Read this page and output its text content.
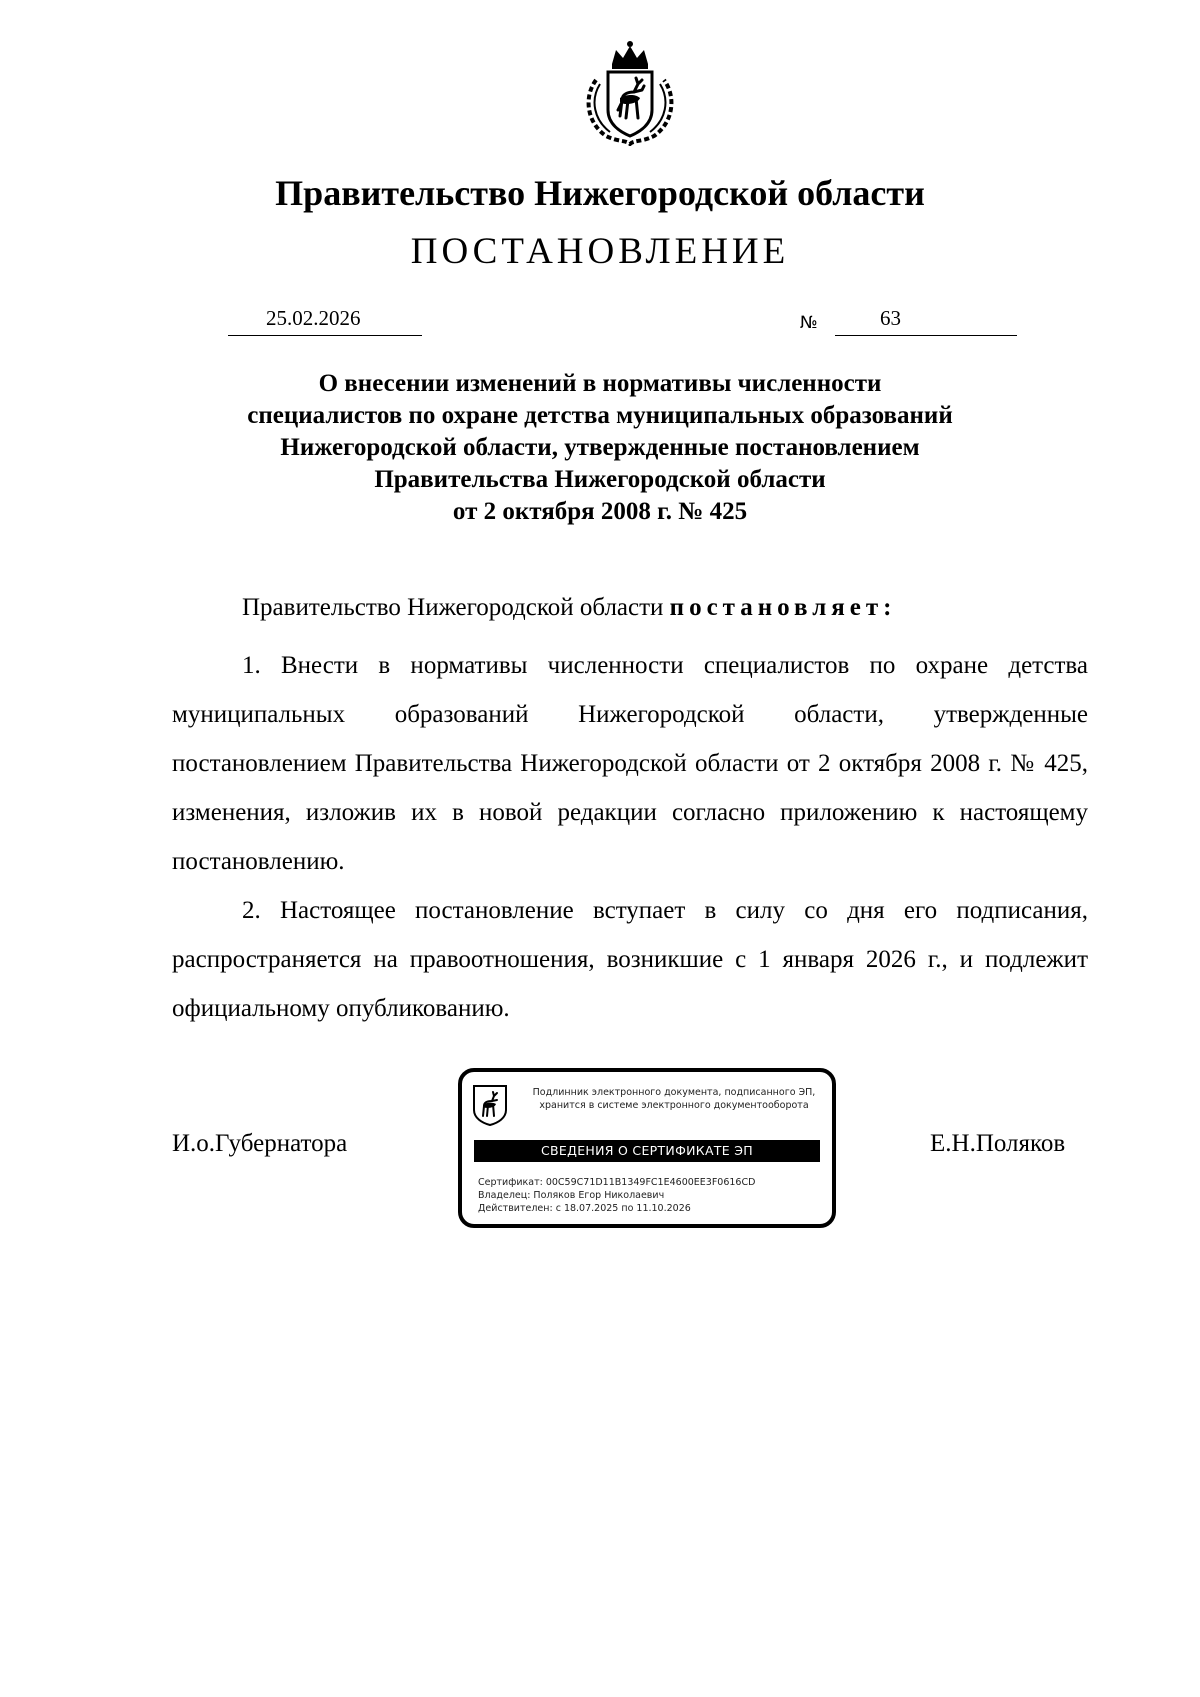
Правительство Нижегородской области
ПОСТАНОВЛЕНИЕ
25.02.2026	№	63
О внесении изменений в нормативы численности
специалистов по охране детства муниципальных образований
Нижегородской области, утвержденные постановлением
Правительства Нижегородской области
от 2 октября 2008 г. № 425
Правительство Нижегородской области постановляет:

1. Внести в нормативы численности специалистов по охране детства муниципальных образований Нижегородской области, утвержденные постановлением Правительства Нижегородской области от 2 октября 2008 г. № 425, изменения, изложив их в новой редакции согласно приложению к настоящему постановлению.

2. Настоящее постановление вступает в силу со дня его подписания, распространяется на правоотношения, возникшие с 1 января 2026 г., и подлежит официальному опубликованию.

И.о.Губернатора
Подлинник электронного документа, подписанного ЭП,
хранится в системе электронного документооборота
СВЕДЕНИЯ О СЕРТИФИКАТЕ ЭП
Сертификат: 00C59C71D11B1349FC1E4600EE3F0616CD
Владелец: Поляков Егор Николаевич
Действителен: с 18.07.2025 по 11.10.2026
Е.Н.Поляков
